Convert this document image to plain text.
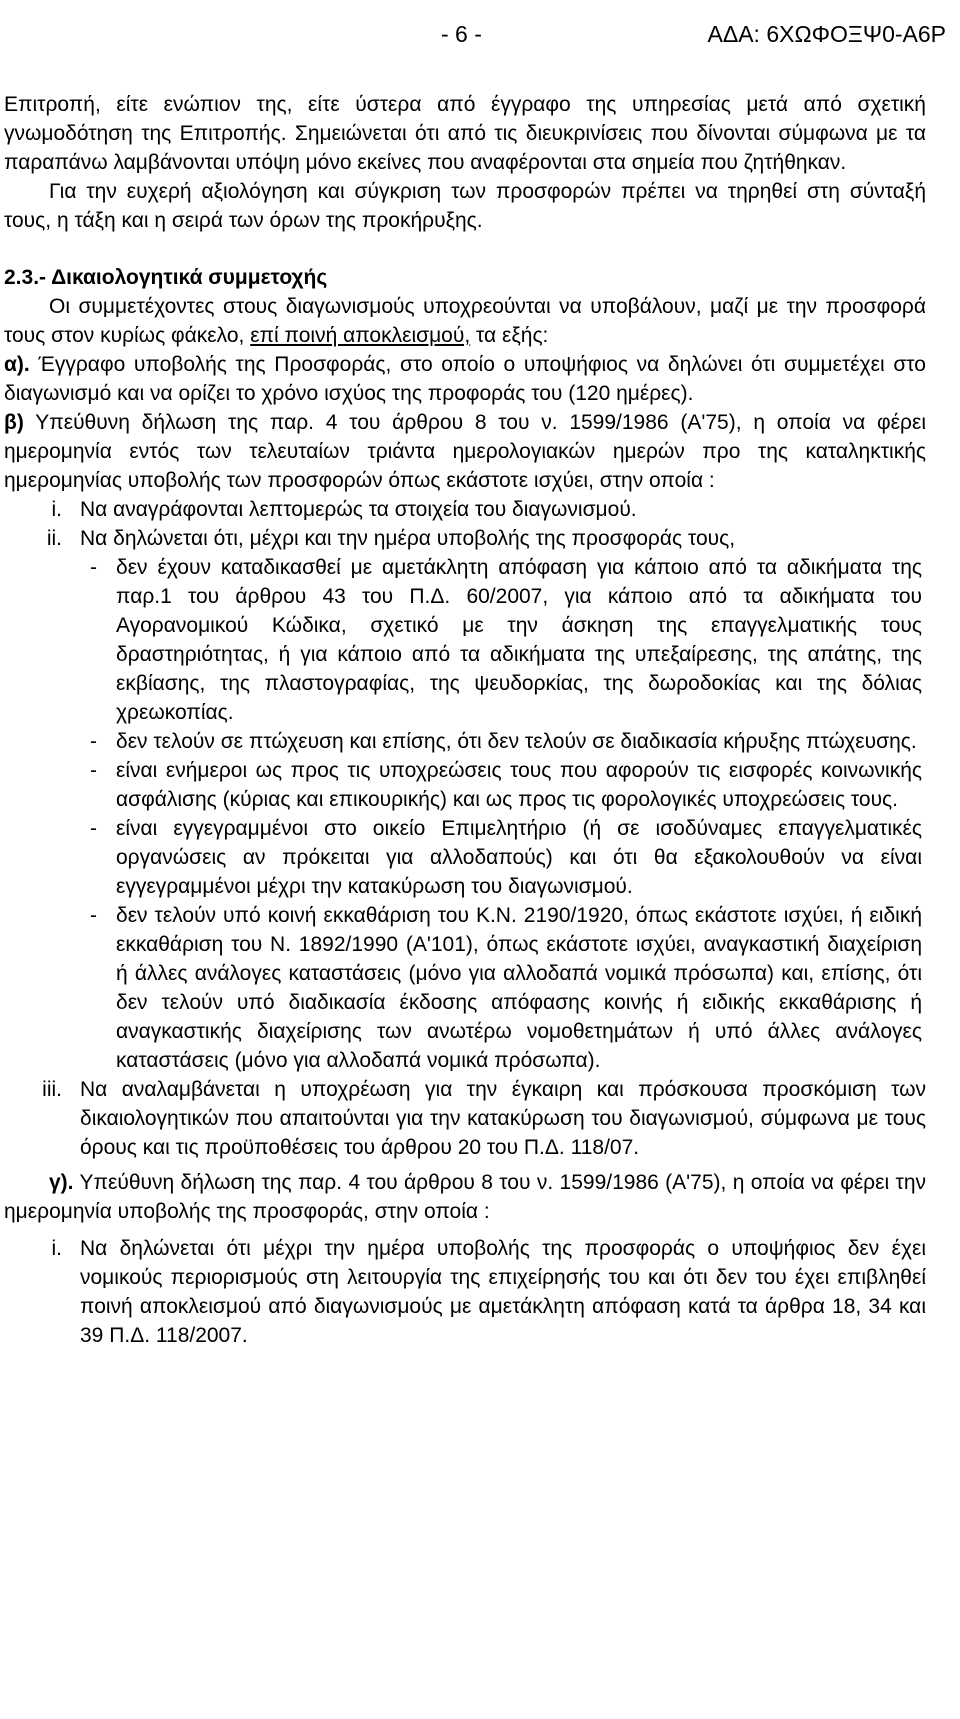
- 6 -	ΑΔΑ: 6ΧΩΦΟΞΨ0-Α6Ρ

Επιτροπή, είτε ενώπιον της, είτε ύστερα από έγγραφο της υπηρεσίας μετά από σχετική γνωμοδότηση της Επιτροπής. Σημειώνεται ότι από τις διευκρινίσεις που δίνονται σύμφωνα με τα παραπάνω λαμβάνονται υπόψη μόνο εκείνες που αναφέρονται στα σημεία που ζητήθηκαν.

Για την ευχερή αξιολόγηση και σύγκριση των προσφορών πρέπει να τηρηθεί στη σύνταξή τους, η τάξη και η σειρά των όρων της προκήρυξης.

2.3.- Δικαιολογητικά συμμετοχής

Οι συμμετέχοντες στους διαγωνισμούς υποχρεούνται να υποβάλουν, μαζί με την προσφορά τους στον κυρίως φάκελο, επί ποινή αποκλεισμού, τα εξής:

α). Έγγραφο υποβολής της Προσφοράς, στο οποίο ο υποψήφιος να δηλώνει ότι συμμετέχει στο διαγωνισμό και να ορίζει το χρόνο ισχύος της προφοράς του (120 ημέρες).

β) Υπεύθυνη δήλωση της παρ. 4 του άρθρου 8 του ν. 1599/1986 (Α'75), η οποία να φέρει ημερομηνία εντός των τελευταίων τριάντα ημερολογιακών ημερών προ της καταληκτικής ημερομηνίας υποβολής των προσφορών όπως εκάστοτε ισχύει, στην οποία :

i. Να αναγράφονται λεπτομερώς τα στοιχεία του διαγωνισμού.
ii. Να δηλώνεται ότι, μέχρι και την ημέρα υποβολής της προσφοράς τους,
- δεν έχουν καταδικασθεί με αμετάκλητη απόφαση για κάποιο από τα αδικήματα της παρ.1 του άρθρου 43 του Π.Δ. 60/2007, για κάποιο από τα αδικήματα του Αγορανομικού Κώδικα, σχετικό με την άσκηση της επαγγελματικής τους δραστηριότητας, ή για κάποιο από τα αδικήματα της υπεξαίρεσης, της απάτης, της εκβίασης, της πλαστογραφίας, της ψευδορκίας, της δωροδοκίας και της δόλιας χρεωκοπίας.
- δεν τελούν σε πτώχευση και επίσης, ότι δεν τελούν σε διαδικασία κήρυξης πτώχευσης.
- είναι ενήμεροι ως προς τις υποχρεώσεις τους που αφορούν τις εισφορές κοινωνικής ασφάλισης (κύριας και επικουρικής) και ως προς τις φορολογικές υποχρεώσεις τους.
- είναι εγγεγραμμένοι στο οικείο Επιμελητήριο (ή σε ισοδύναμες επαγγελματικές οργανώσεις αν πρόκειται για αλλοδαπούς) και ότι θα εξακολουθούν να είναι εγγεγραμμένοι μέχρι την κατακύρωση του διαγωνισμού.
- δεν τελούν υπό κοινή εκκαθάριση του Κ.Ν. 2190/1920, όπως εκάστοτε ισχύει, ή ειδική εκκαθάριση του Ν. 1892/1990 (Α'101), όπως εκάστοτε ισχύει, αναγκαστική διαχείριση ή άλλες ανάλογες καταστάσεις (μόνο για αλλοδαπά νομικά πρόσωπα) και, επίσης, ότι δεν τελούν υπό διαδικασία έκδοσης απόφασης κοινής ή ειδικής εκκαθάρισης ή αναγκαστικής διαχείρισης των ανωτέρω νομοθετημάτων ή υπό άλλες ανάλογες καταστάσεις (μόνο για αλλοδαπά νομικά πρόσωπα).
iii. Να αναλαμβάνεται η υποχρέωση για την έγκαιρη και πρόσκουσα προσκόμιση των δικαιολογητικών που απαιτούνται για την κατακύρωση του διαγωνισμού, σύμφωνα με τους όρους και τις προϋποθέσεις του άρθρου 20 του Π.Δ. 118/07.

γ). Υπεύθυνη δήλωση της παρ. 4 του άρθρου 8 του ν. 1599/1986 (Α'75), η οποία να φέρει την ημερομηνία υποβολής της προσφοράς, στην οποία :

i. Να δηλώνεται ότι μέχρι την ημέρα υποβολής της προσφοράς ο υποψήφιος δεν έχει νομικούς περιορισμούς στη λειτουργία της επιχείρησής του και ότι δεν του έχει επιβληθεί ποινή αποκλεισμού από διαγωνισμούς με αμετάκλητη απόφαση κατά τα άρθρα 18, 34 και 39 Π.Δ. 118/2007.
